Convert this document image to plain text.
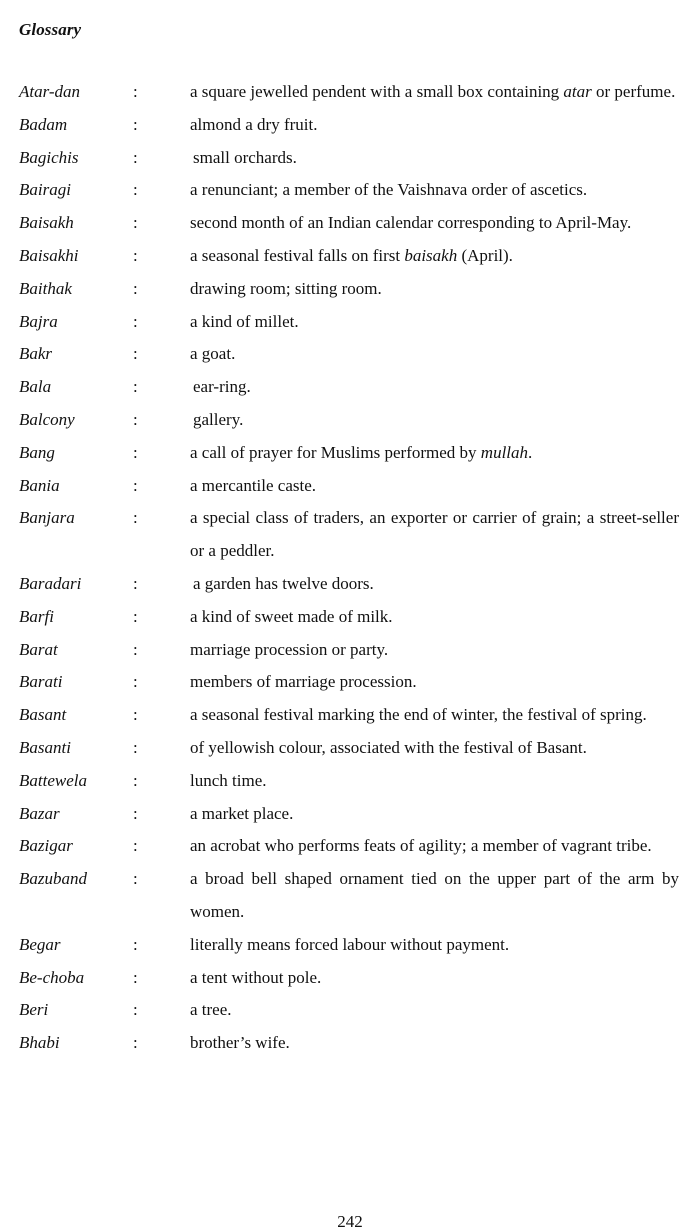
Glossary
Atar-dan	:	a square jewelled pendent with a small box containing atar or perfume.
Badam	:	almond a dry fruit.
Bagichis	:	small orchards.
Bairagi	:	a renunciant; a member of the Vaishnava order of ascetics.
Baisakh	:	second month of an Indian calendar corresponding to April-May.
Baisakhi	:	a seasonal festival falls on first baisakh (April).
Baithak	:	drawing room; sitting room.
Bajra	:	a kind of millet.
Bakr	:	a goat.
Bala	:	ear-ring.
Balcony	:	gallery.
Bang	:	a call of prayer for Muslims performed by mullah.
Bania	:	a mercantile caste.
Banjara	:	a special class of traders, an exporter or carrier of grain; a street-seller or a peddler.
Baradari	:	a garden has twelve doors.
Barfi	:	a kind of sweet made of milk.
Barat	:	marriage procession or party.
Barati	:	members of marriage procession.
Basant	:	a seasonal festival marking the end of winter, the festival of spring.
Basanti	:	of yellowish colour, associated with the festival of Basant.
Battewela	:	lunch time.
Bazar	:	a market place.
Bazigar	:	an acrobat who performs feats of agility; a member of vagrant tribe.
Bazuband	:	a broad bell shaped ornament tied on the upper part of the arm by women.
Begar	:	literally means forced labour without payment.
Be-choba	:	a tent without pole.
Beri	:	a tree.
Bhabi	:	brother’s wife.
242
